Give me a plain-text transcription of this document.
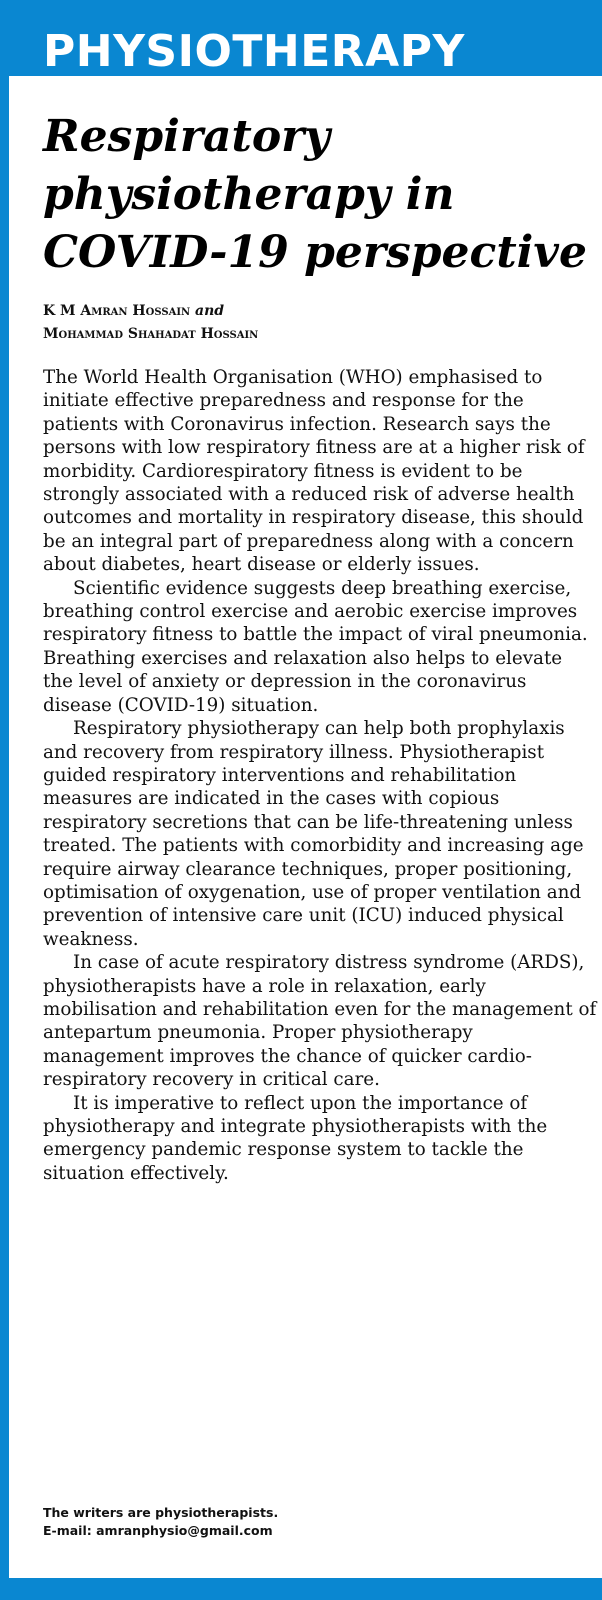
PHYSIOTHERAPY
Respiratory physiotherapy in COVID-19 perspective
K M Amran Hossain and
Mohammad Shahadat Hossain

The World Health Organisation (WHO) emphasised to initiate effective preparedness and response for the patients with Coronavirus infection. Research says the persons with low respiratory fitness are at a higher risk of morbidity. Cardiorespiratory fitness is evident to be strongly associated with a reduced risk of adverse health outcomes and mortality in respiratory disease, this should be an integral part of preparedness along with a concern about diabetes, heart disease or elderly issues.

Scientific evidence suggests deep breathing exercise, breathing control exercise and aerobic exercise improves respiratory fitness to battle the impact of viral pneumonia. Breathing exercises and relaxation also helps to elevate the level of anxiety or depression in the coronavirus disease (COVID-19) situation.

Respiratory physiotherapy can help both prophylaxis and recovery from respiratory illness. Physiotherapist guided respiratory interventions and rehabilitation measures are indicated in the cases with copious respiratory secretions that can be life-threatening unless treated. The patients with comorbidity and increasing age require airway clearance techniques, proper positioning, optimisation of oxygenation, use of proper ventilation and prevention of intensive care unit (ICU) induced physical weakness.

In case of acute respiratory distress syndrome (ARDS), physiotherapists have a role in relaxation, early mobilisation and rehabilitation even for the management of antepartum pneumonia. Proper physiotherapy management improves the chance of quicker cardio-respiratory recovery in critical care.

It is imperative to reflect upon the importance of physiotherapy and integrate physiotherapists with the emergency pandemic response system to tackle the situation effectively.

The writers are physiotherapists.
E-mail: amranphysio@gmail.com
